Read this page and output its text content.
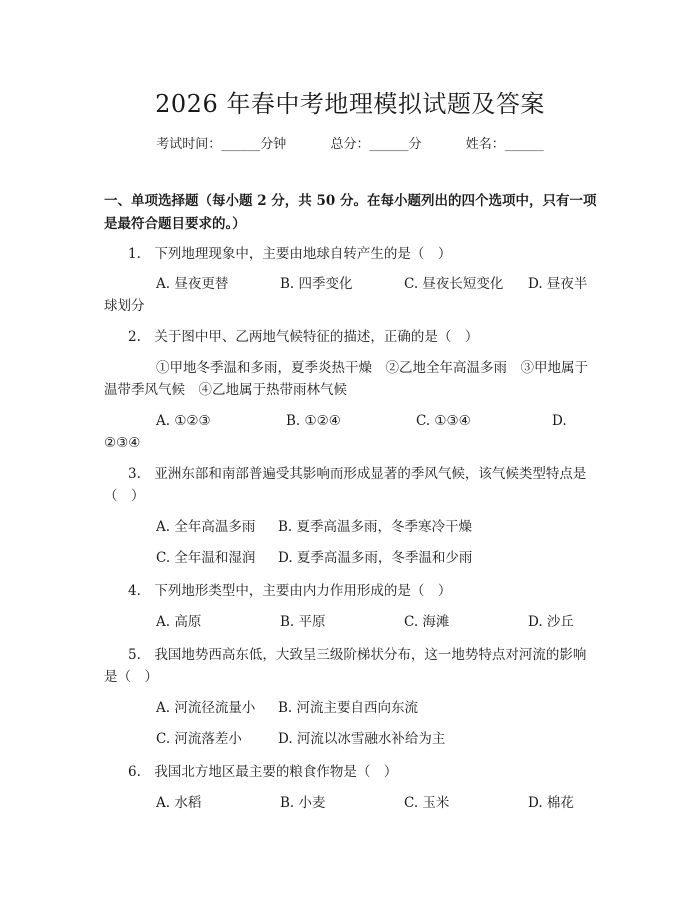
2026 年春中考地理模拟试题及答案
考试时间：______分钟	总分：______分	姓名：______
一、单项选择题（每小题 2 分，共 50 分。在每小题列出的四个选项中，只有一项
是最符合题目要求的。）
1.　下列地理现象中，主要由地球自转产生的是（　）
A. 昼夜更替	B. 四季变化	C. 昼夜长短变化 D. 昼夜半
球划分
2.　关于图中甲、乙两地气候特征的描述，正确的是（　）
①甲地冬季温和多雨，夏季炎热干燥　②乙地全年高温多雨　③甲地属于
温带季风气候　④乙地属于热带雨林气候
A. ①②③	B. ①②④	C. ①③④	D.
②③④
3.　亚洲东部和南部普遍受其影响而形成显著的季风气候，该气候类型特点是
（　）
A. 全年高温多雨 B. 夏季高温多雨，冬季寒冷干燥
C. 全年温和湿润 D. 夏季高温多雨，冬季温和少雨
4.　下列地形类型中，主要由内力作用形成的是（　）
A. 高原	B. 平原	C. 海滩	D. 沙丘
5.　我国地势西高东低，大致呈三级阶梯状分布，这一地势特点对河流的影响
是（　）
A. 河流径流量小 B. 河流主要自西向东流
C. 河流落差小	D. 河流以冰雪融水补给为主
6.　我国北方地区最主要的粮食作物是（　）
A. 水稻	B. 小麦	C. 玉米	D. 棉花
